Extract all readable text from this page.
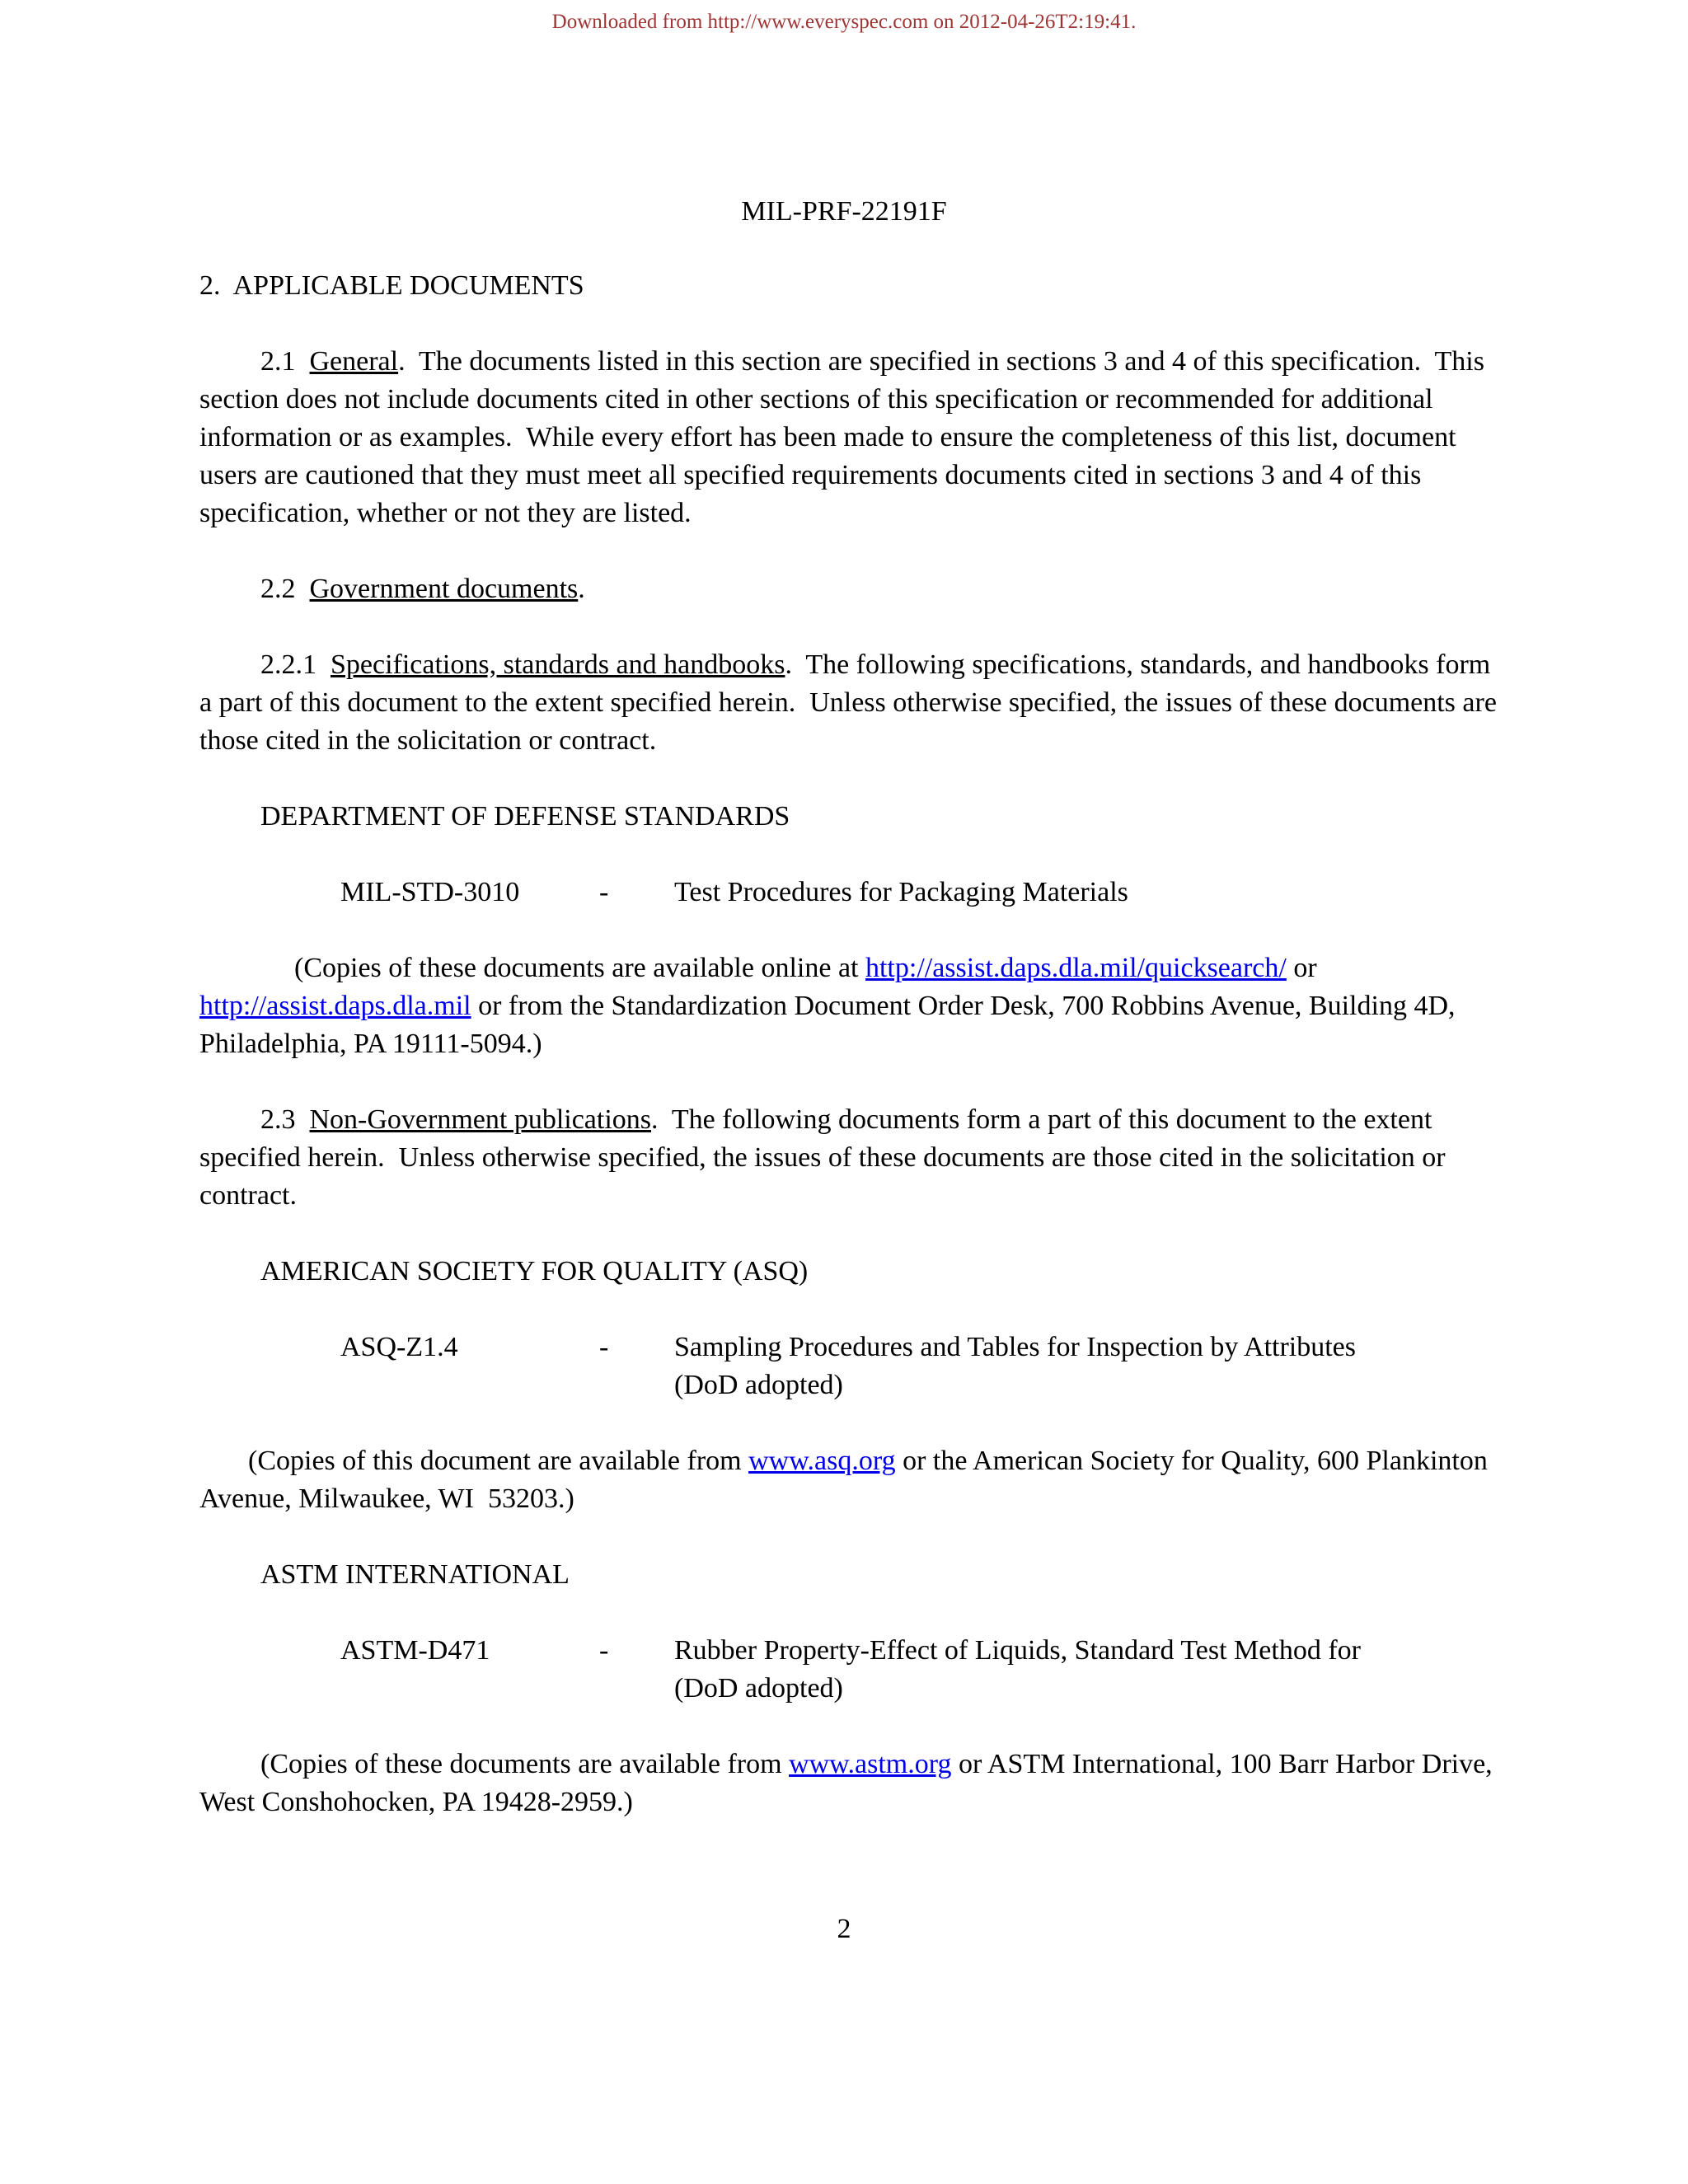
Downloaded from http://www.everyspec.com on 2012-04-26T2:19:41.
MIL-PRF-22191F

2.  APPLICABLE DOCUMENTS

2.1  General.  The documents listed in this section are specified in sections 3 and 4 of this specification.  This section does not include documents cited in other sections of this specification or recommended for additional information or as examples.  While every effort has been made to ensure the completeness of this list, document users are cautioned that they must meet all specified requirements documents cited in sections 3 and 4 of this specification, whether or not they are listed.

2.2  Government documents.

2.2.1  Specifications, standards and handbooks.  The following specifications, standards, and handbooks form a part of this document to the extent specified herein.  Unless otherwise specified, the issues of these documents are those cited in the solicitation or contract.

DEPARTMENT OF DEFENSE STANDARDS

MIL-STD-3010	-	Test Procedures for Packaging Materials

(Copies of these documents are available online at http://assist.daps.dla.mil/quicksearch/ or http://assist.daps.dla.mil or from the Standardization Document Order Desk, 700 Robbins Avenue, Building 4D, Philadelphia, PA 19111-5094.)

2.3  Non-Government publications.  The following documents form a part of this document to the extent specified herein.  Unless otherwise specified, the issues of these documents are those cited in the solicitation or contract.

AMERICAN SOCIETY FOR QUALITY (ASQ)

ASQ-Z1.4	-	Sampling Procedures and Tables for Inspection by Attributes (DoD adopted)

(Copies of this document are available from www.asq.org or the American Society for Quality, 600 Plankinton Avenue, Milwaukee, WI  53203.)

ASTM INTERNATIONAL

ASTM-D471	-	Rubber Property-Effect of Liquids, Standard Test Method for (DoD adopted)

(Copies of these documents are available from www.astm.org or ASTM International, 100 Barr Harbor Drive, West Conshohocken, PA 19428-2959.)

2
